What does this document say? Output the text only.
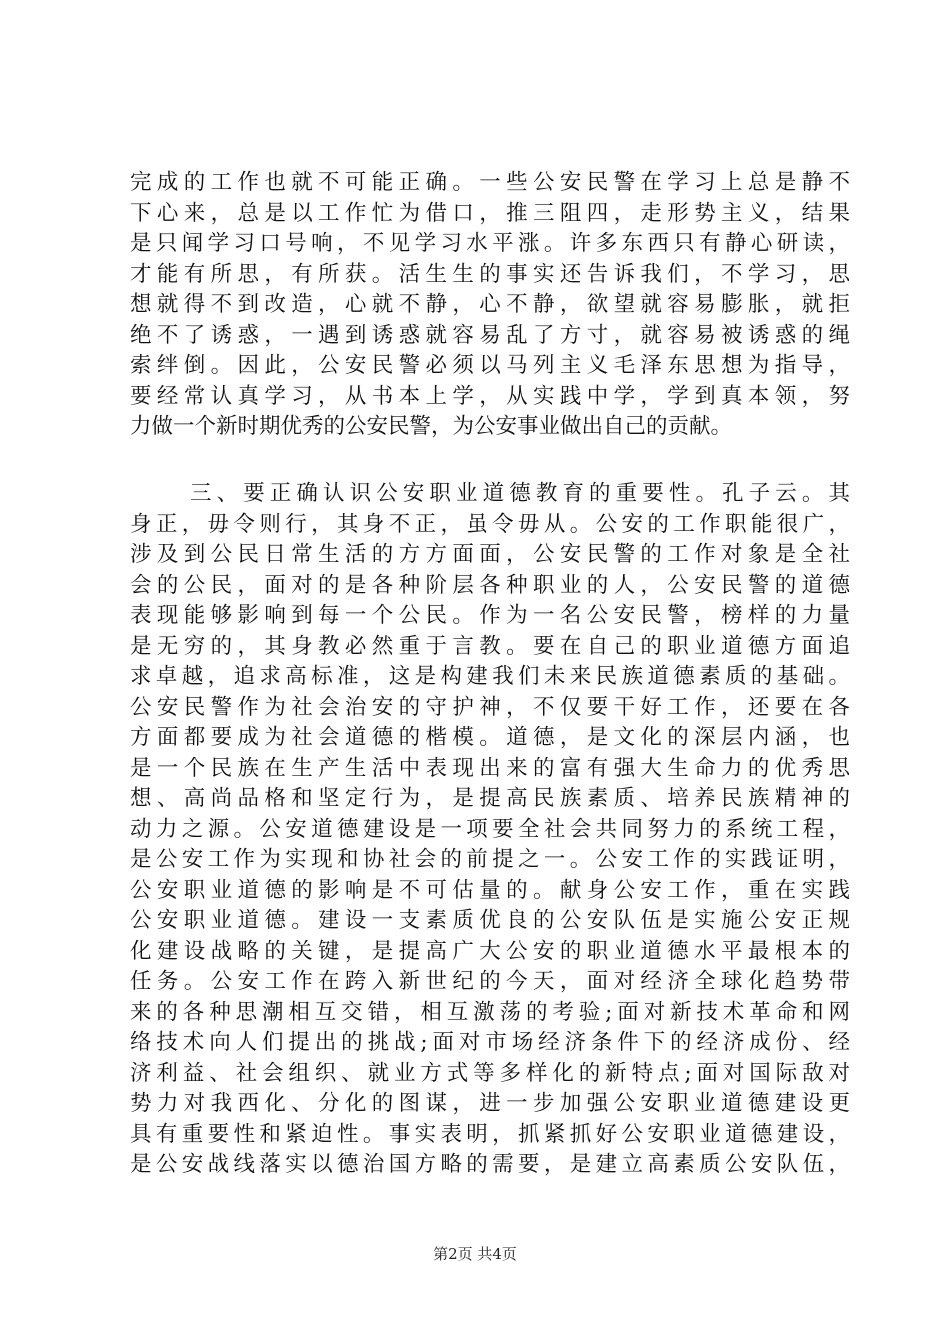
完成的工作也就不可能正确。一些公安民警在学习上总是静不
下心来，总是以工作忙为借口，推三阻四，走形势主义，结果
是只闻学习口号响，不见学习水平涨。许多东西只有静心研读，
才能有所思，有所获。活生生的事实还告诉我们，不学习，思
想就得不到改造，心就不静，心不静，欲望就容易膨胀，就拒
绝不了诱惑，一遇到诱惑就容易乱了方寸，就容易被诱惑的绳
索绊倒。因此，公安民警必须以马列主义毛泽东思想为指导，
要经常认真学习，从书本上学，从实践中学，学到真本领，努
力做一个新时期优秀的公安民警，为公安事业做出自己的贡献。
三、要正确认识公安职业道德教育的重要性。孔子云。其
身正，毋令则行，其身不正，虽令毋从。公安的工作职能很广，
涉及到公民日常生活的方方面面，公安民警的工作对象是全社
会的公民，面对的是各种阶层各种职业的人，公安民警的道德
表现能够影响到每一个公民。作为一名公安民警，榜样的力量
是无穷的，其身教必然重于言教。要在自己的职业道德方面追
求卓越，追求高标准，这是构建我们未来民族道德素质的基础。
公安民警作为社会治安的守护神，不仅要干好工作，还要在各
方面都要成为社会道德的楷模。道德，是文化的深层内涵，也
是一个民族在生产生活中表现出来的富有强大生命力的优秀思
想、高尚品格和坚定行为，是提高民族素质、培养民族精神的
动力之源。公安道德建设是一项要全社会共同努力的系统工程，
是公安工作为实现和协社会的前提之一。公安工作的实践证明，
公安职业道德的影响是不可估量的。献身公安工作，重在实践
公安职业道德。建设一支素质优良的公安队伍是实施公安正规
化建设战略的关键，是提高广大公安的职业道德水平最根本的
任务。公安工作在跨入新世纪的今天，面对经济全球化趋势带
来的各种思潮相互交错，相互激荡的考验;面对新技术革命和网
络技术向人们提出的挑战;面对市场经济条件下的经济成份、经
济利益、社会组织、就业方式等多样化的新特点;面对国际敌对
势力对我西化、分化的图谋，进一步加强公安职业道德建设更
具有重要性和紧迫性。事实表明，抓紧抓好公安职业道德建设，
是公安战线落实以德治国方略的需要，是建立高素质公安队伍，
第2页 共4页
